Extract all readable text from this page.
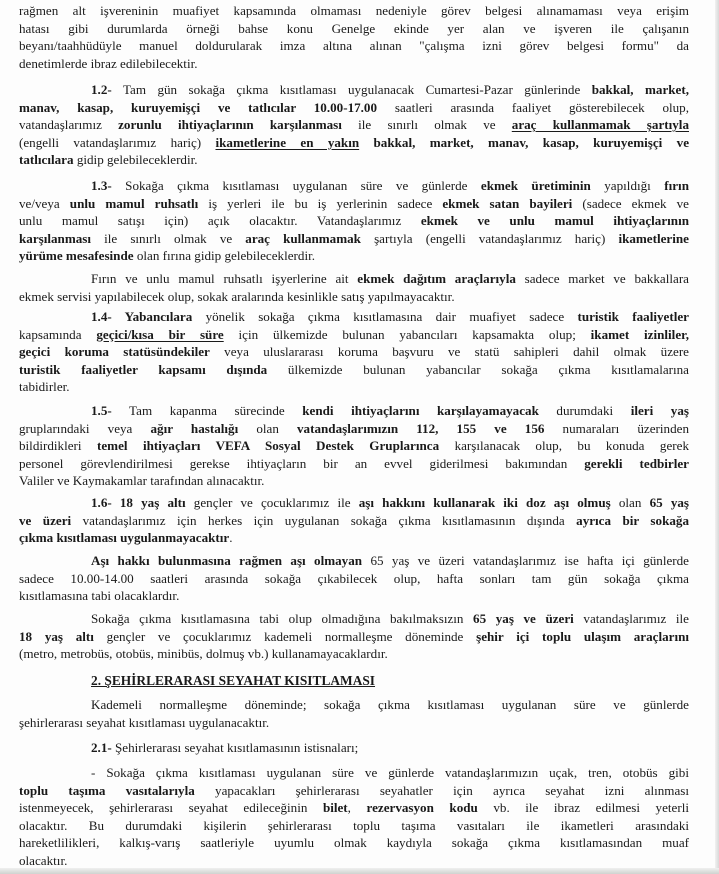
rağmen alt işvereninin muafiyet kapsamında olmaması nedeniyle görev belgesi alınamaması veya erişim
hatası gibi durumlarda örneği bahse konu Genelge ekinde yer alan ve işveren ile çalışanın
beyanı/taahhüdüyle manuel doldurularak imza altına alınan "çalışma izni görev belgesi formu" da
denetimlerde ibraz edilebilecektir.
1.2- Tam gün sokağa çıkma kısıtlaması uygulanacak Cumartesi-Pazar günlerinde bakkal, market,
manav, kasap, kuruyemişçi ve tatlıcılar 10.00-17.00 saatleri arasında faaliyet gösterebilecek olup,
vatandaşlarımız zorunlu ihtiyaçlarının karşılanması ile sınırlı olmak ve araç kullanmamak şartıyla
(engelli vatandaşlarımız hariç) ikametlerine en yakın bakkal, market, manav, kasap, kuruyemişçi ve
tatlıcılara gidip gelebileceklerdir.
1.3- Sokağa çıkma kısıtlaması uygulanan süre ve günlerde ekmek üretiminin yapıldığı fırın
ve/veya unlu mamul ruhsatlı iş yerleri ile bu iş yerlerinin sadece ekmek satan bayileri (sadece ekmek ve
unlu mamul satışı için) açık olacaktır. Vatandaşlarımız ekmek ve unlu mamul ihtiyaçlarının
karşılanması ile sınırlı olmak ve araç kullanmamak şartıyla (engelli vatandaşlarımız hariç) ikametlerine
yürüme mesafesinde olan fırına gidip gelebileceklerdir.
Fırın ve unlu mamul ruhsatlı işyerlerine ait ekmek dağıtım araçlarıyla sadece market ve bakkallara
ekmek servisi yapılabilecek olup, sokak aralarında kesinlikle satış yapılmayacaktır.
1.4- Yabancılara yönelik sokağa çıkma kısıtlamasına dair muafiyet sadece turistik faaliyetler
kapsamında geçici/kısa bir süre için ülkemizde bulunan yabancıları kapsamakta olup; ikamet izinliler,
geçici koruma statüsündekiler veya uluslararası koruma başvuru ve statü sahipleri dahil olmak üzere
turistik faaliyetler kapsamı dışında ülkemizde bulunan yabancılar sokağa çıkma kısıtlamalarına
tabidirler.
1.5- Tam kapanma sürecinde kendi ihtiyaçlarını karşılayamayacak durumdaki ileri yaş
gruplarındaki veya ağır hastalığı olan vatandaşlarımızın 112, 155 ve 156 numaraları üzerinden
bildirdikleri temel ihtiyaçları VEFA Sosyal Destek Gruplarınca karşılanacak olup, bu konuda gerek
personel görevlendirilmesi gerekse ihtiyaçların bir an evvel giderilmesi bakımından gerekli tedbirler
Valiler ve Kaymakamlar tarafından alınacaktır.
1.6- 18 yaş altı gençler ve çocuklarımız ile aşı hakkını kullanarak iki doz aşı olmuş olan 65 yaş
ve üzeri vatandaşlarımız için herkes için uygulanan sokağa çıkma kısıtlamasının dışında ayrıca bir sokağa
çıkma kısıtlaması uygulanmayacaktır.
Aşı hakkı bulunmasına rağmen aşı olmayan 65 yaş ve üzeri vatandaşlarımız ise hafta içi günlerde
sadece 10.00-14.00 saatleri arasında sokağa çıkabilecek olup, hafta sonları tam gün sokağa çıkma
kısıtlamasına tabi olacaklardır.
Sokağa çıkma kısıtlamasına tabi olup olmadığına bakılmaksızın 65 yaş ve üzeri vatandaşlarımız ile
18 yaş altı gençler ve çocuklarımız kademeli normalleşme döneminde şehir içi toplu ulaşım araçlarını
(metro, metrobüs, otobüs, minibüs, dolmuş vb.) kullanamayacaklardır.
2. ŞEHİRLERARASI SEYAHAT KISITLAMASI
Kademeli normalleşme döneminde; sokağa çıkma kısıtlaması uygulanan süre ve günlerde
şehirlerarası seyahat kısıtlaması uygulanacaktır.
2.1- Şehirlerarası seyahat kısıtlamasının istisnaları;
- Sokağa çıkma kısıtlaması uygulanan süre ve günlerde vatandaşlarımızın uçak, tren, otobüs gibi
toplu taşıma vasıtalarıyla yapacakları şehirlerarası seyahatler için ayrıca seyahat izni alınması
istenmeyecek, şehirlerarası seyahat edileceğinin bilet, rezervasyon kodu vb. ile ibraz edilmesi yeterli
olacaktır. Bu durumdaki kişilerin şehirlerarası toplu taşıma vasıtaları ile ikametleri arasındaki
hareketlilikleri, kalkış-varış saatleriyle uyumlu olmak kaydıyla sokağa çıkma kısıtlamasından muaf
olacaktır.
